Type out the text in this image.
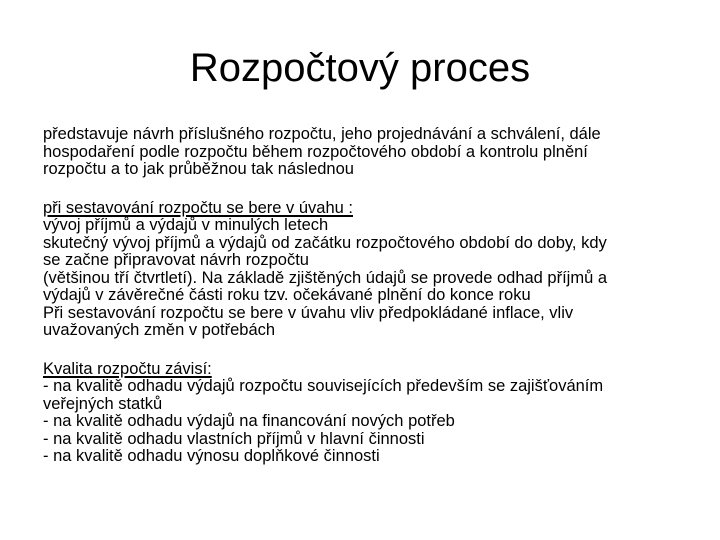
Rozpočtový proces
představuje návrh příslušného rozpočtu, jeho projednávání a schválení, dále
hospodaření podle rozpočtu během rozpočtového období a kontrolu plnění
rozpočtu a to jak průběžnou tak následnou
při sestavování rozpočtu se bere v úvahu :
vývoj příjmů a výdajů v minulých letech
skutečný vývoj příjmů a výdajů od začátku rozpočtového období do doby, kdy
se začne připravovat návrh rozpočtu
(většinou tří čtvrtletí). Na základě zjištěných údajů se provede odhad příjmů a
výdajů v závěrečné části roku tzv. očekávané plnění do konce roku
Při sestavování rozpočtu se bere v úvahu vliv předpokládané inflace, vliv
uvažovaných změn v potřebách
Kvalita rozpočtu závisí:
- na kvalitě odhadu výdajů rozpočtu souvisejících především se zajišťováním
veřejných statků
- na kvalitě odhadu výdajů na financování nových potřeb
- na kvalitě odhadu vlastních příjmů v hlavní činnosti
- na kvalitě odhadu výnosu doplňkové činnosti
